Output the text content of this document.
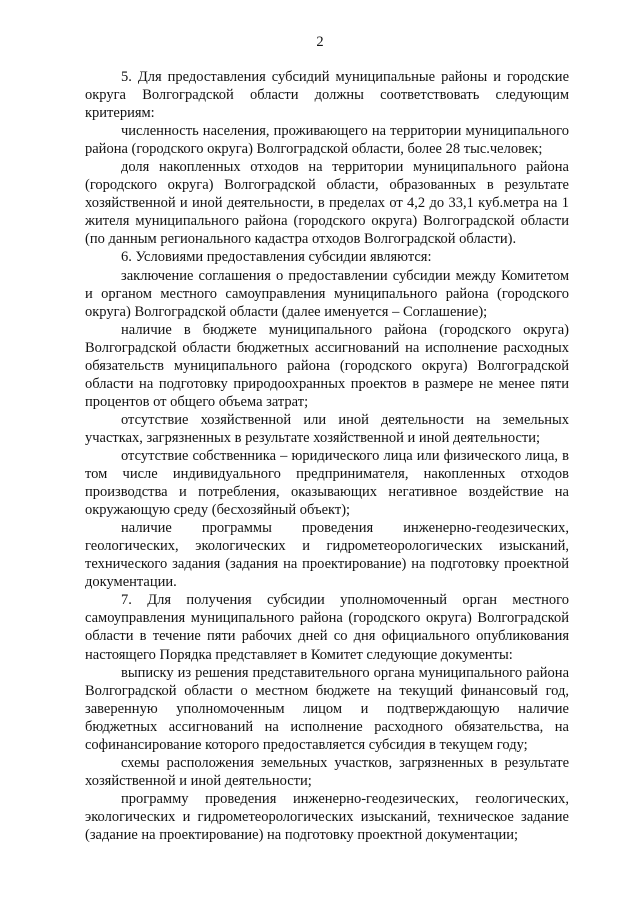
2

5. Для предоставления субсидий муниципальные районы и городские округа Волгоградской области должны соответствовать следующим критериям:

численность населения, проживающего на территории муниципального района (городского округа) Волгоградской области, более 28 тыс.человек;

доля накопленных отходов на территории муниципального района (городского округа) Волгоградской области, образованных в результате хозяйственной и иной деятельности, в пределах от 4,2 до 33,1 куб.метра на 1 жителя муниципального района (городского округа) Волгоградской области (по данным регионального кадастра отходов Волгоградской области).

6. Условиями предоставления субсидии являются:

заключение соглашения о предоставлении субсидии между Комитетом и органом местного самоуправления муниципального района (городского округа) Волгоградской области (далее именуется – Соглашение);

наличие в бюджете муниципального района (городского округа) Волгоградской области бюджетных ассигнований на исполнение расходных обязательств муниципального района (городского округа) Волгоградской области на подготовку природоохранных проектов в размере не менее пяти процентов от общего объема затрат;

отсутствие хозяйственной или иной деятельности на земельных участках, загрязненных в результате хозяйственной и иной деятельности;

отсутствие собственника – юридического лица или физического лица, в том числе индивидуального предпринимателя, накопленных отходов производства и потребления, оказывающих негативное воздействие на окружающую среду (бесхозяйный объект);

наличие программы проведения инженерно-геодезических, геологических, экологических и гидрометеорологических изысканий, технического задания (задания на проектирование) на подготовку проектной документации.

7. Для получения субсидии уполномоченный орган местного самоуправления муниципального района (городского округа) Волгоградской области в течение пяти рабочих дней со дня официального опубликования настоящего Порядка представляет в Комитет следующие документы:

выписку из решения представительного органа муниципального района Волгоградской области о местном бюджете на текущий финансовый год, заверенную уполномоченным лицом и подтверждающую наличие бюджетных ассигнований на исполнение расходного обязательства, на софинансирование которого предоставляется субсидия в текущем году;

схемы расположения земельных участков, загрязненных в результате хозяйственной и иной деятельности;

программу проведения инженерно-геодезических, геологических, экологических и гидрометеорологических изысканий, техническое задание (задание на проектирование) на подготовку проектной документации;
